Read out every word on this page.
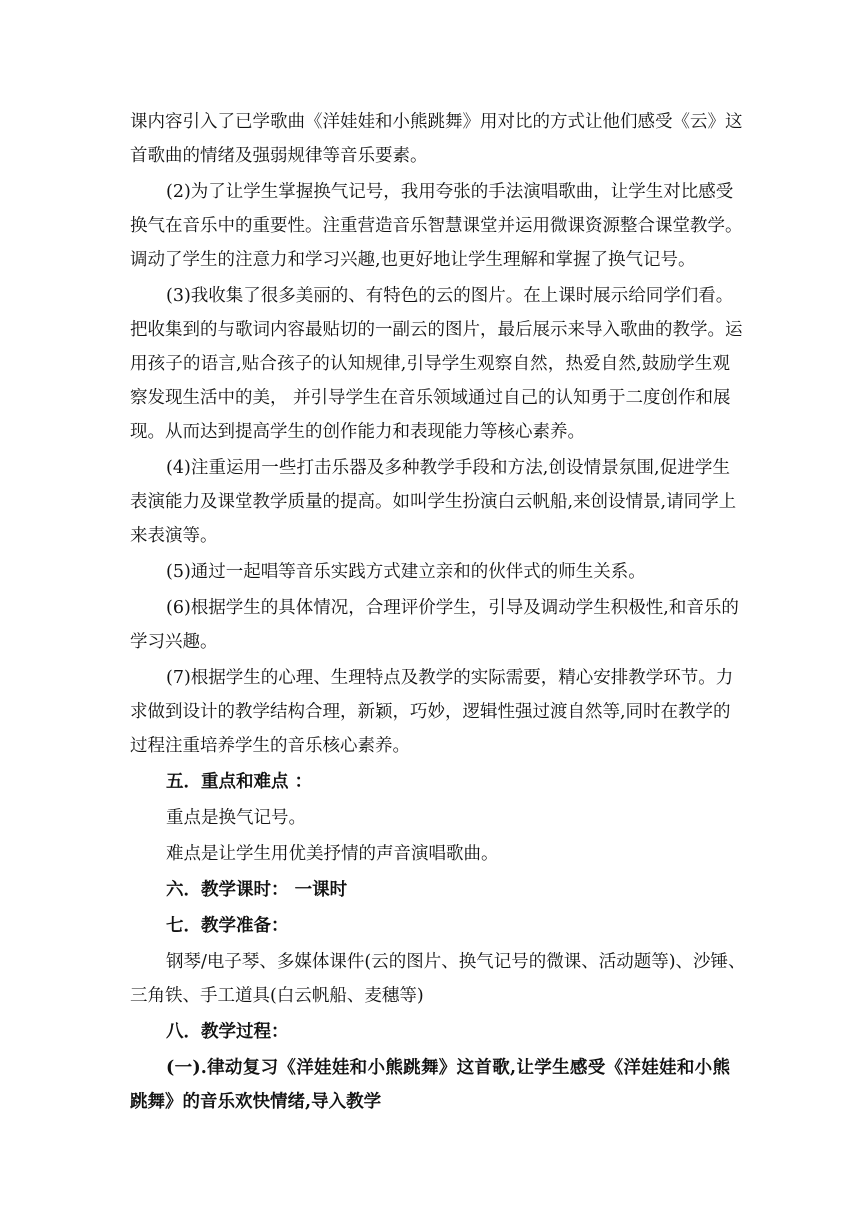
课内容引入了已学歌曲《洋娃娃和小熊跳舞》用对比的方式让他们感受《云》这
首歌曲的情绪及强弱规律等音乐要素。
(2)为了让学生掌握换气记号，我用夸张的手法演唱歌曲，让学生对比感受
换气在音乐中的重要性。注重营造音乐智慧课堂并运用微课资源整合课堂教学。
调动了学生的注意力和学习兴趣,也更好地让学生理解和掌握了换气记号。
(3)我收集了很多美丽的、有特色的云的图片。在上课时展示给同学们看。
把收集到的与歌词内容最贴切的一副云的图片，最后展示来导入歌曲的教学。运
用孩子的语言,贴合孩子的认知规律,引导学生观察自然，热爱自然,鼓励学生观
察发现生活中的美， 并引导学生在音乐领域通过自己的认知勇于二度创作和展
现。从而达到提高学生的创作能力和表现能力等核心素养。
(4)注重运用一些打击乐器及多种教学手段和方法,创设情景氛围,促进学生
表演能力及课堂教学质量的提高。如叫学生扮演白云帆船,来创设情景,请同学上
来表演等。
(5)通过一起唱等音乐实践方式建立亲和的伙伴式的师生关系。
(6)根据学生的具体情况，合理评价学生，引导及调动学生积极性,和音乐的
学习兴趣。
(7)根据学生的心理、生理特点及教学的实际需要，精心安排教学环节。力
求做到设计的教学结构合理，新颖，巧妙，逻辑性强过渡自然等,同时在教学的
过程注重培养学生的音乐核心素养。
五．重点和难点 ：
重点是换气记号。
难点是让学生用优美抒情的声音演唱歌曲。
六．教学课时： 一课时
七．教学准备：
钢琴/电子琴、多媒体课件(云的图片、换气记号的微课、活动题等)、沙锤、
三角铁、手工道具(白云帆船、麦穗等)
八．教学过程：
(一).律动复习《洋娃娃和小熊跳舞》这首歌,让学生感受《洋娃娃和小熊
跳舞》的音乐欢快情绪,导入教学
